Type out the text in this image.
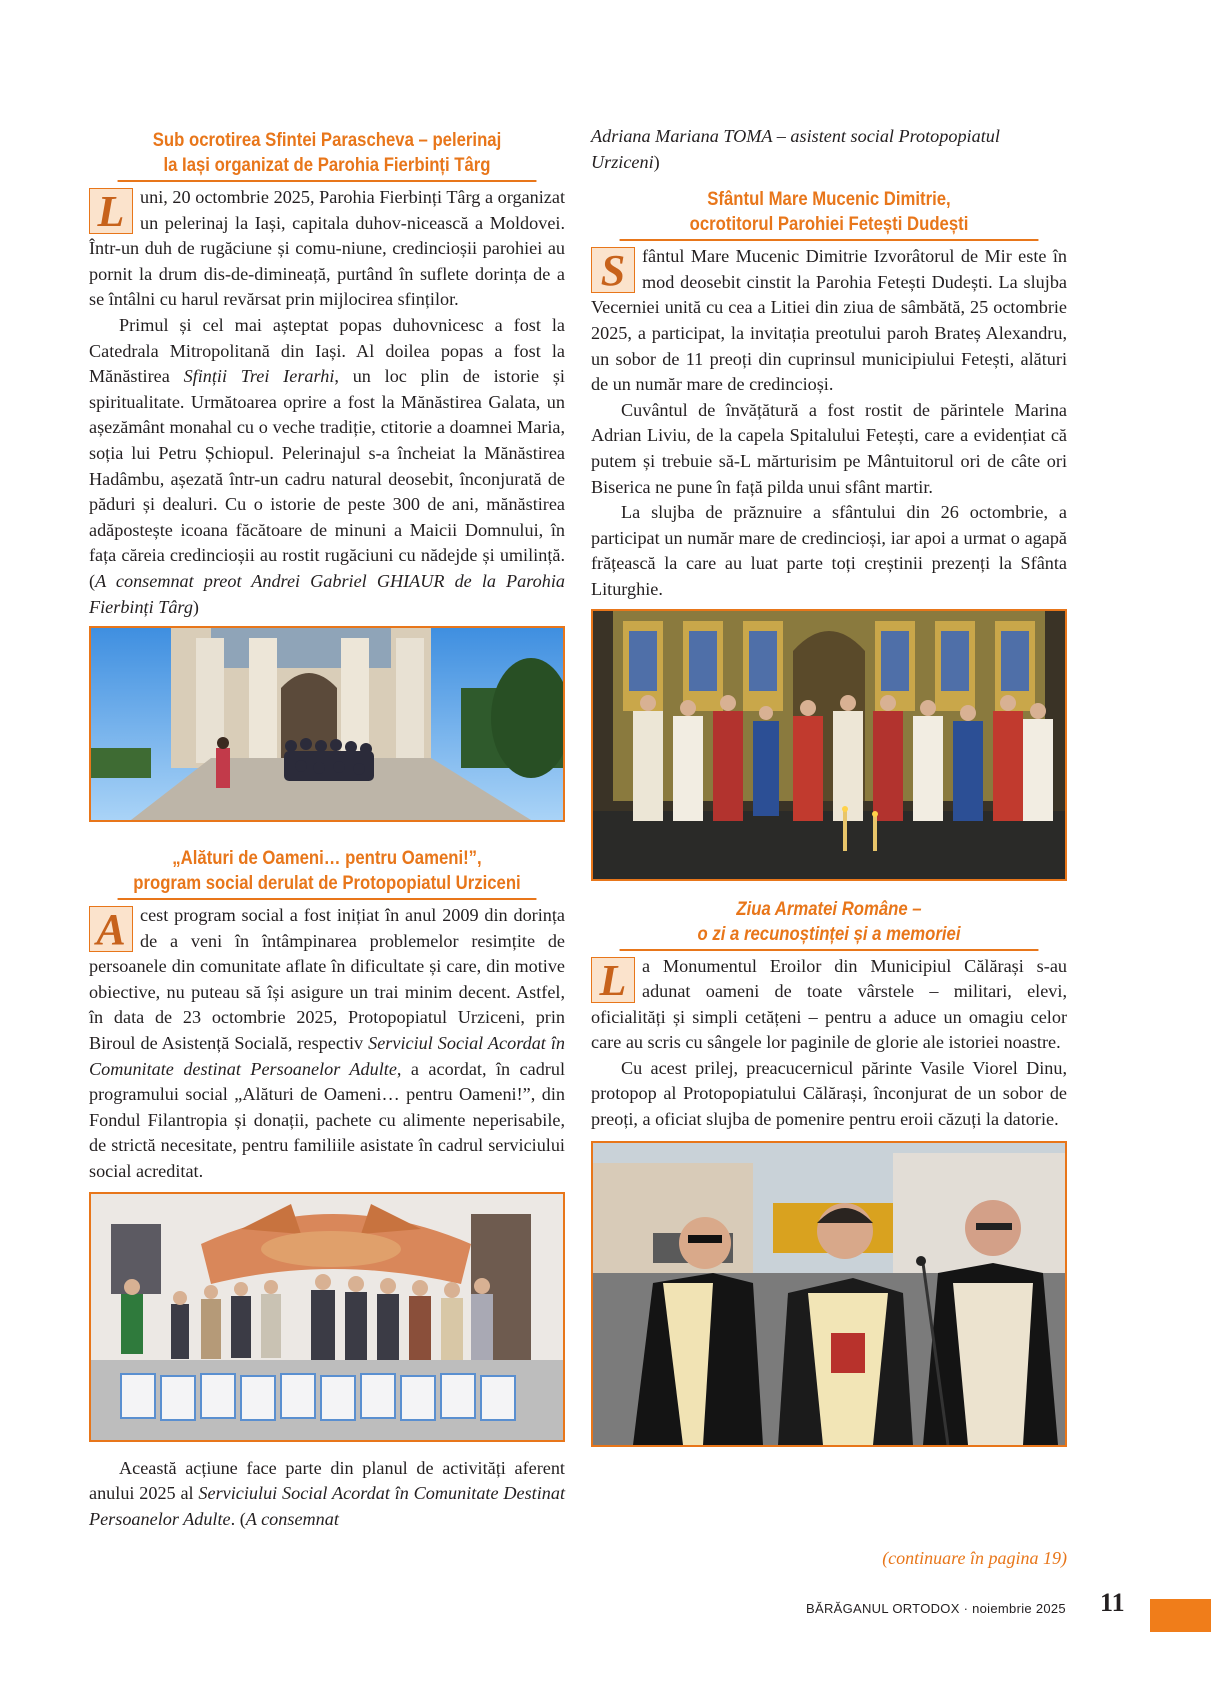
Sub ocrotirea Sfintei Parascheva – pelerinaj
la Iași organizat de Parohia Fierbinți Târg

L uni, 20 octombrie 2025, Parohia Fierbinți Târg a organizat un pelerinaj la Iași, capitala duhov-nicească a Moldovei. Într-un duh de rugăciune și comu-niune, credincioșii parohiei au pornit la drum dis-de-dimineață, purtând în suflete dorința de a se întâlni cu harul revărsat prin mijlocirea sfinților.

Primul și cel mai așteptat popas duhovnicesc a fost la Catedrala Mitropolitană din Iași. Al doilea popas a fost la Mănăstirea Sfinții Trei Ierarhi, un loc plin de istorie și spiritualitate. Următoarea oprire a fost la Mănăstirea Galata, un așezământ monahal cu o veche tradiție, ctitorie a doamnei Maria, soția lui Petru Șchiopul. Pelerinajul s-a încheiat la Mănăstirea Hadâmbu, așezată într-un cadru natural deosebit, înconjurată de păduri și dealuri. Cu o istorie de peste 300 de ani, mănăstirea adăpostește icoana făcătoare de minuni a Maicii Domnului, în fața căreia credincioșii au rostit rugăciuni cu nădejde și umilință. (A consemnat preot Andrei Gabriel GHIAUR de la Parohia Fierbinți Târg)

„Alături de Oameni… pentru Oameni!”,
program social derulat de Protopopiatul Urziceni

A cest program social a fost inițiat în anul 2009 din dorința de a veni în întâmpinarea problemelor resimțite de persoanele din comunitate aflate în dificultate și care, din motive obiective, nu puteau să își asigure un trai minim decent. Astfel, în data de 23 octombrie 2025, Protopopiatul Urziceni, prin Biroul de Asistență Socială, respectiv Serviciul Social Acordat în Comunitate destinat Persoanelor Adulte, a acordat, în cadrul programului social „Alături de Oameni… pentru Oameni!”, din Fondul Filantropia și donații, pachete cu alimente neperisabile, de strictă necesitate, pentru familiile asistate în cadrul serviciului social acreditat.

Această acțiune face parte din planul de activități aferent anului 2025 al Serviciului Social Acordat în Comunitate Destinat Persoanelor Adulte. (A consemnat

Adriana Mariana TOMA – asistent social Protopopiatul Urziceni)

Sfântul Mare Mucenic Dimitrie,
ocrotitorul Parohiei Fetești Dudești

S fântul Mare Mucenic Dimitrie Izvorâtorul de Mir este în mod deosebit cinstit la Parohia Fetești Dudești. La slujba Vecerniei unită cu cea a Litiei din ziua de sâmbătă, 25 octombrie 2025, a participat, la invitația preotului paroh Brateș Alexandru, un sobor de 11 preoți din cuprinsul municipiului Fetești, alături de un număr mare de credincioși.

Cuvântul de învățătură a fost rostit de părintele Marina Adrian Liviu, de la capela Spitalului Fetești, care a evidențiat că putem și trebuie să-L mărturisim pe Mântuitorul ori de câte ori Biserica ne pune în față pilda unui sfânt martir.

La slujba de prăznuire a sfântului din 26 octombrie, a participat un număr mare de credincioși, iar apoi a urmat o agapă frățească la care au luat parte toți creștinii prezenți la Sfânta Liturghie.

Ziua Armatei Române –
o zi a recunoștinței și a memoriei

L a Monumentul Eroilor din Municipiul Călărași s-au adunat oameni de toate vârstele – militari, elevi, oficialități și simpli cetățeni – pentru a aduce un omagiu celor care au scris cu sângele lor paginile de glorie ale istoriei noastre.

Cu acest prilej, preacucernicul părinte Vasile Viorel Dinu, protopop al Protopopiatului Călărași, înconjurat de un sobor de preoți, a oficiat slujba de pomenire pentru eroii căzuți la datorie.

(continuare în pagina 19)
BĂRĂGANUL ORTODOX · noiembrie 2025 11
